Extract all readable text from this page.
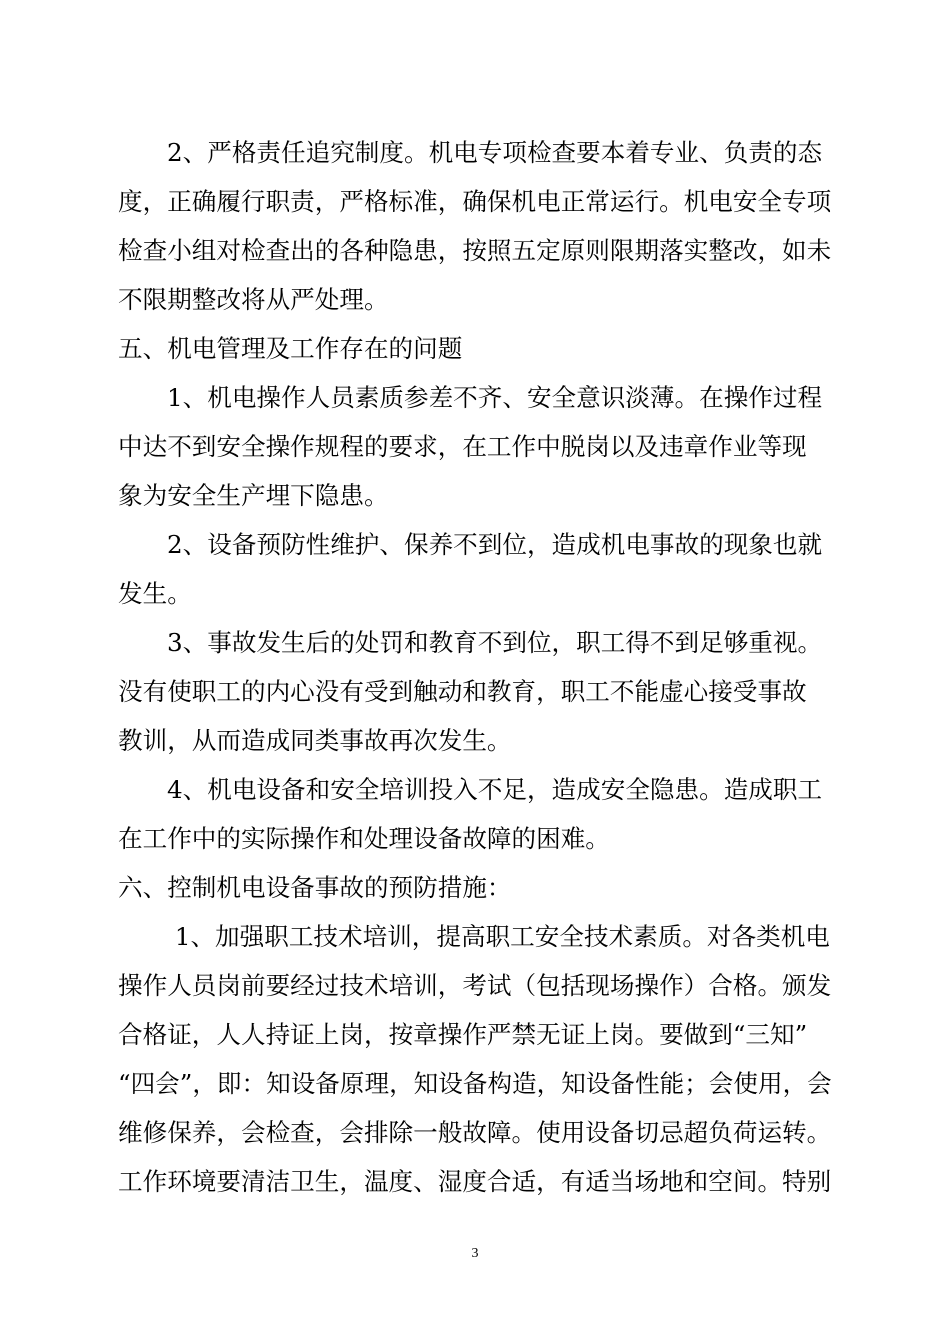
2、严格责任追究制度。机电专项检查要本着专业、负责的态
度，正确履行职责，严格标准，确保机电正常运行。机电安全专项
检查小组对检查出的各种隐患，按照五定原则限期落实整改，如未
不限期整改将从严处理。
五、机电管理及工作存在的问题
1、机电操作人员素质参差不齐、安全意识淡薄。在操作过程
中达不到安全操作规程的要求，在工作中脱岗以及违章作业等现
象为安全生产埋下隐患。
2、设备预防性维护、保养不到位，造成机电事故的现象也就
发生。
3、事故发生后的处罚和教育不到位，职工得不到足够重视。
没有使职工的内心没有受到触动和教育，职工不能虚心接受事故
教训，从而造成同类事故再次发生。
4、机电设备和安全培训投入不足，造成安全隐患。造成职工
在工作中的实际操作和处理设备故障的困难。
六、控制机电设备事故的预防措施：
1、加强职工技术培训，提高职工安全技术素质。对各类机电
操作人员岗前要经过技术培训，考试（包括现场操作）合格。颁发
合格证，人人持证上岗，按章操作严禁无证上岗。要做到“三知”
“四会”，即：知设备原理，知设备构造，知设备性能；会使用，会
维修保养，会检查，会排除一般故障。使用设备切忌超负荷运转。
工作环境要清洁卫生，温度、湿度合适，有适当场地和空间。特别
3
